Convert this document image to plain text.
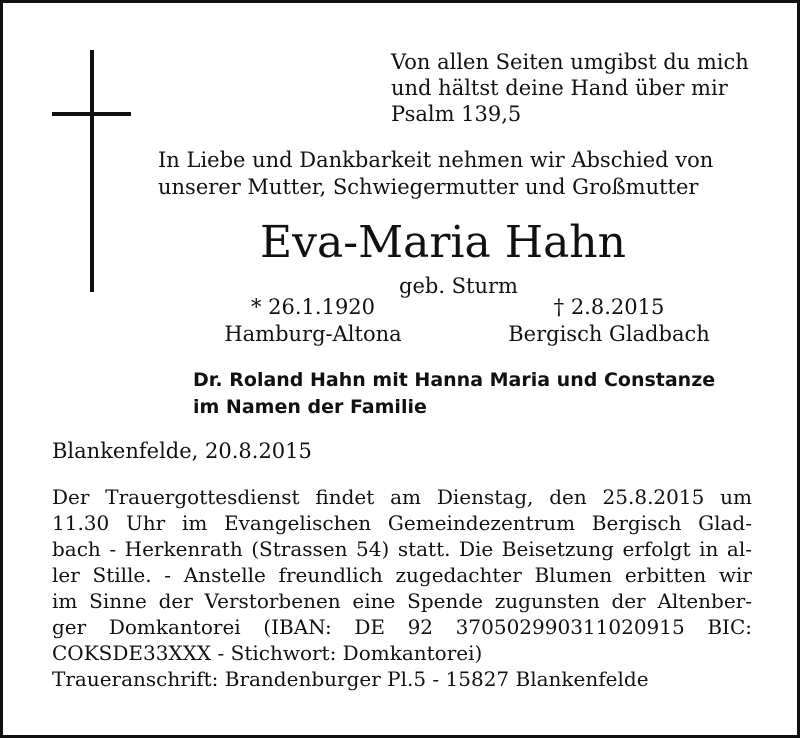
Von allen Seiten umgibst du mich
und hältst deine Hand über mir
Psalm 139,5
In Liebe und Dankbarkeit nehmen wir Abschied von
unserer Mutter, Schwiegermutter und Großmutter
Eva-Maria Hahn
geb. Sturm
* 26.1.1920
Hamburg-Altona
† 2.8.2015
Bergisch Gladbach
Dr. Roland Hahn mit Hanna Maria und Constanze
im Namen der Familie
Blankenfelde, 20.8.2015
Der Trauergottesdienst findet am Dienstag, den 25.8.2015 um
11.30 Uhr im Evangelischen Gemeindezentrum Bergisch Glad-
bach - Herkenrath (Strassen 54) statt. Die Beisetzung erfolgt in al-
ler Stille. - Anstelle freundlich zugedachter Blumen erbitten wir
im Sinne der Verstorbenen eine Spende zugunsten der Altenber-
ger Domkantorei (IBAN: DE 92 370502990311020915 BIC:
COKSDE33XXX - Stichwort: Domkantorei)
Traueranschrift: Brandenburger Pl.5 - 15827 Blankenfelde
